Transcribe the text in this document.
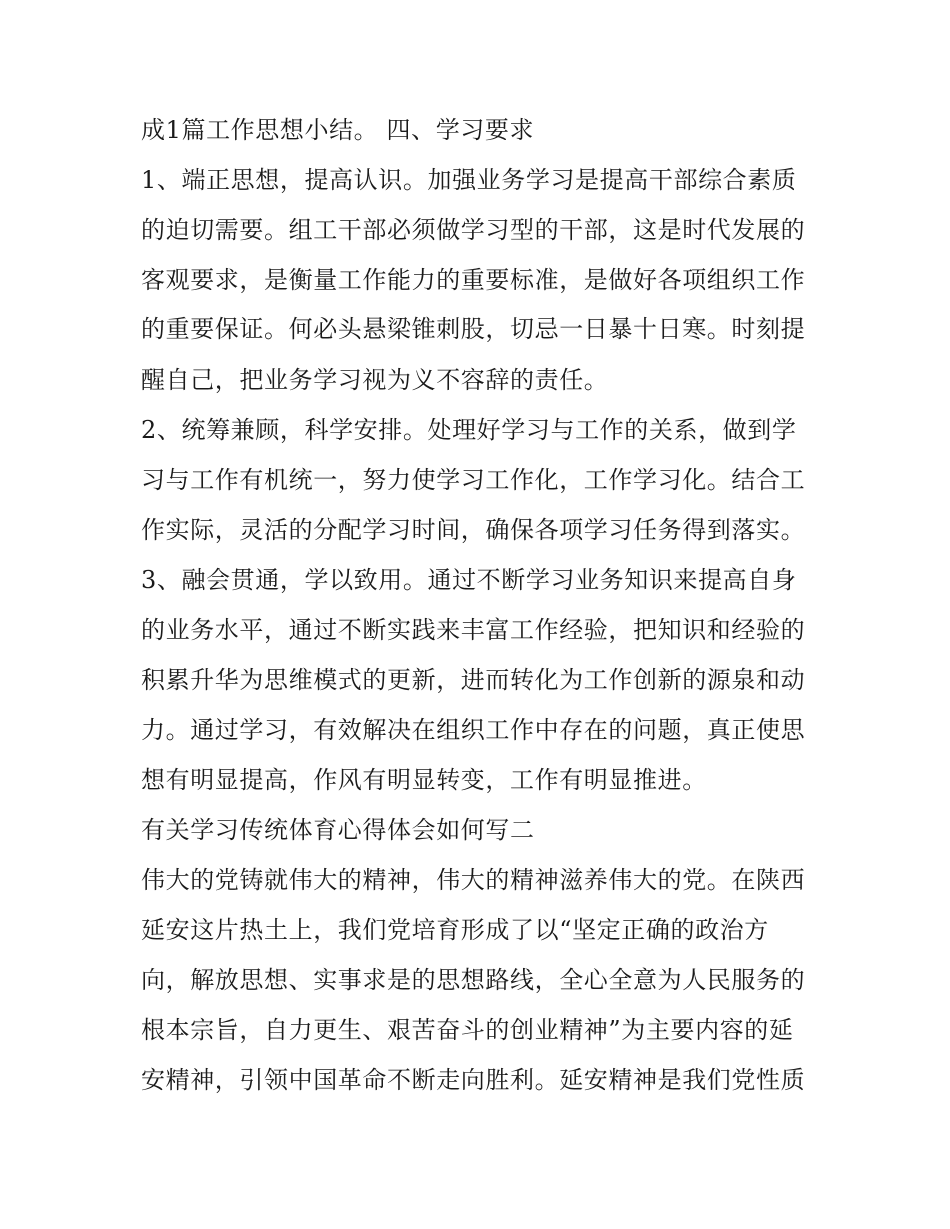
成1篇工作思想小结。 四、学习要求
1、端正思想，提高认识。加强业务学习是提高干部综合素质
的迫切需要。组工干部必须做学习型的干部，这是时代发展的
客观要求，是衡量工作能力的重要标准，是做好各项组织工作
的重要保证。何必头悬梁锥刺股，切忌一日暴十日寒。时刻提
醒自己，把业务学习视为义不容辞的责任。
2、统筹兼顾，科学安排。处理好学习与工作的关系，做到学
习与工作有机统一，努力使学习工作化，工作学习化。结合工
作实际，灵活的分配学习时间，确保各项学习任务得到落实。
3、融会贯通，学以致用。通过不断学习业务知识来提高自身
的业务水平，通过不断实践来丰富工作经验，把知识和经验的
积累升华为思维模式的更新，进而转化为工作创新的源泉和动
力。通过学习，有效解决在组织工作中存在的问题，真正使思
想有明显提高，作风有明显转变，工作有明显推进。
有关学习传统体育心得体会如何写二
伟大的党铸就伟大的精神，伟大的精神滋养伟大的党。在陕西
延安这片热土上，我们党培育形成了以“坚定正确的政治方
向，解放思想、实事求是的思想路线，全心全意为人民服务的
根本宗旨，自力更生、艰苦奋斗的创业精神”为主要内容的延
安精神，引领中国革命不断走向胜利。延安精神是我们党性质
